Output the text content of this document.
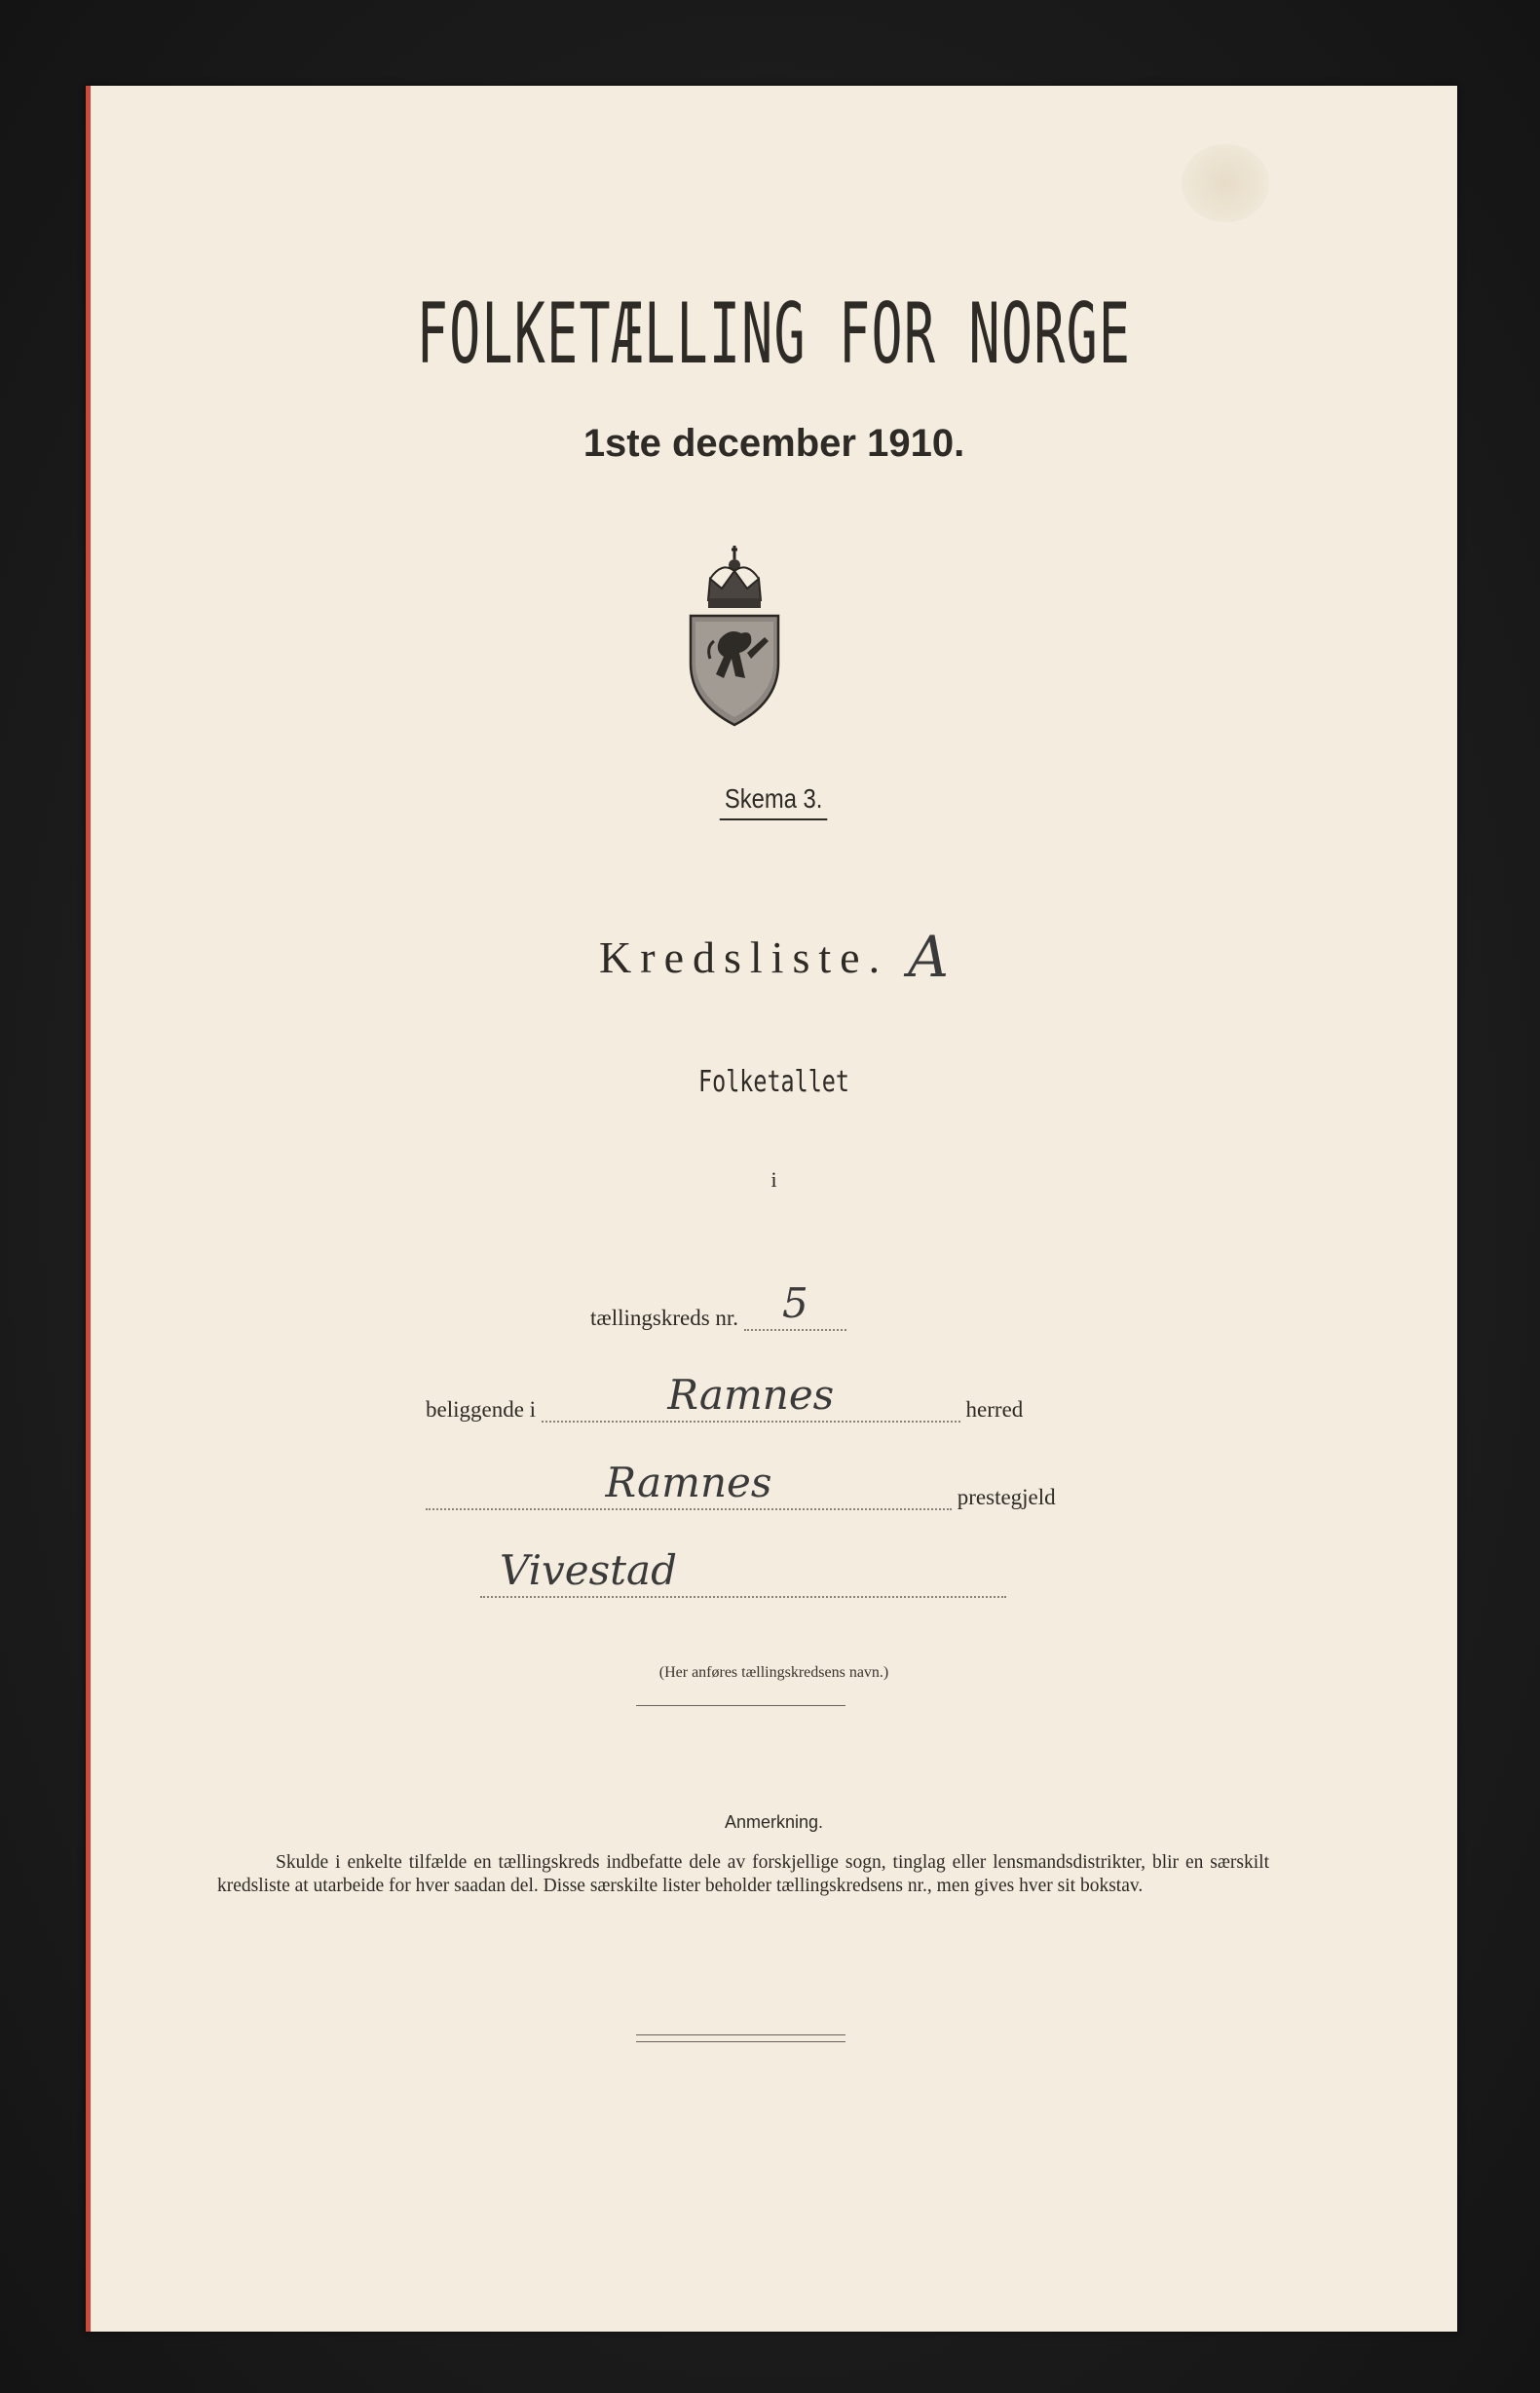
FOLKETÆLLING FOR NORGE
1ste december 1910.
Skema 3.
Kredsliste. A
Folketallet
i
tællingskreds nr.	5
beliggende i	Ramnes	herred
Ramnes	prestegjeld
Vivestad
(Her anføres tællingskredsens navn.)
Anmerkning.
Skulde i enkelte tilfælde en tællingskreds indbefatte dele av forskjellige sogn, tinglag eller lensmandsdistrikter, blir en særskilt kredsliste at utarbeide for hver saadan del. Disse særskilte lister beholder tællingskredsens nr., men gives hver sit bokstav.
